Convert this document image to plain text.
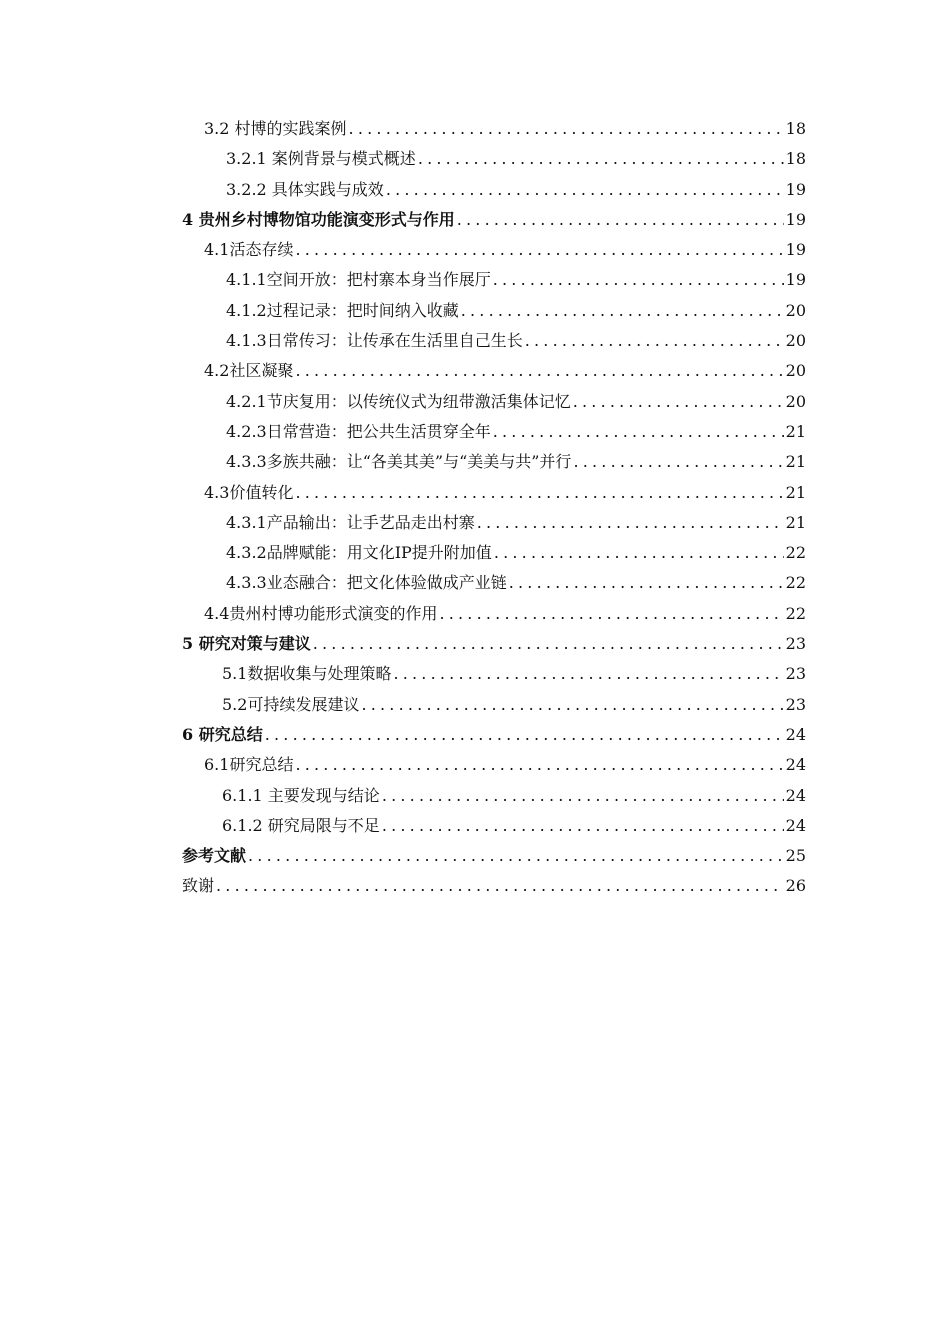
3.2 村博的实践案例 .....	18
3.2.1 案例背景与模式概述 .....	18
3.2.2 具体实践与成效 .....	19
4 贵州乡村博物馆功能演变形式与作用 .....	19
4.1活态存续 .....	19
4.1.1空间开放：把村寨本身当作展厅 .....	19
4.1.2过程记录：把时间纳入收藏 .....	20
4.1.3日常传习：让传承在生活里自己生长 .....	20
4.2社区凝聚 .....	20
4.2.1节庆复用：以传统仪式为纽带激活集体记忆 .....	20
4.2.3日常营造：把公共生活贯穿全年 .....	21
4.3.3多族共融：让“各美其美”与“美美与共”并行 .....	21
4.3价值转化 .....	21
4.3.1产品输出：让手艺品走出村寨 .....	21
4.3.2品牌赋能：用文化IP提升附加值 .....	22
4.3.3业态融合：把文化体验做成产业链 .....	22
4.4贵州村博功能形式演变的作用 .....	22
5 研究对策与建议 .....	23
5.1数据收集与处理策略 .....	23
5.2可持续发展建议 .....	23
6 研究总结 .....	24
6.1研究总结 .....	24
6.1.1 主要发现与结论 .....	24
6.1.2 研究局限与不足 .....	24
参考文献 .....	25
致谢 .....	26
